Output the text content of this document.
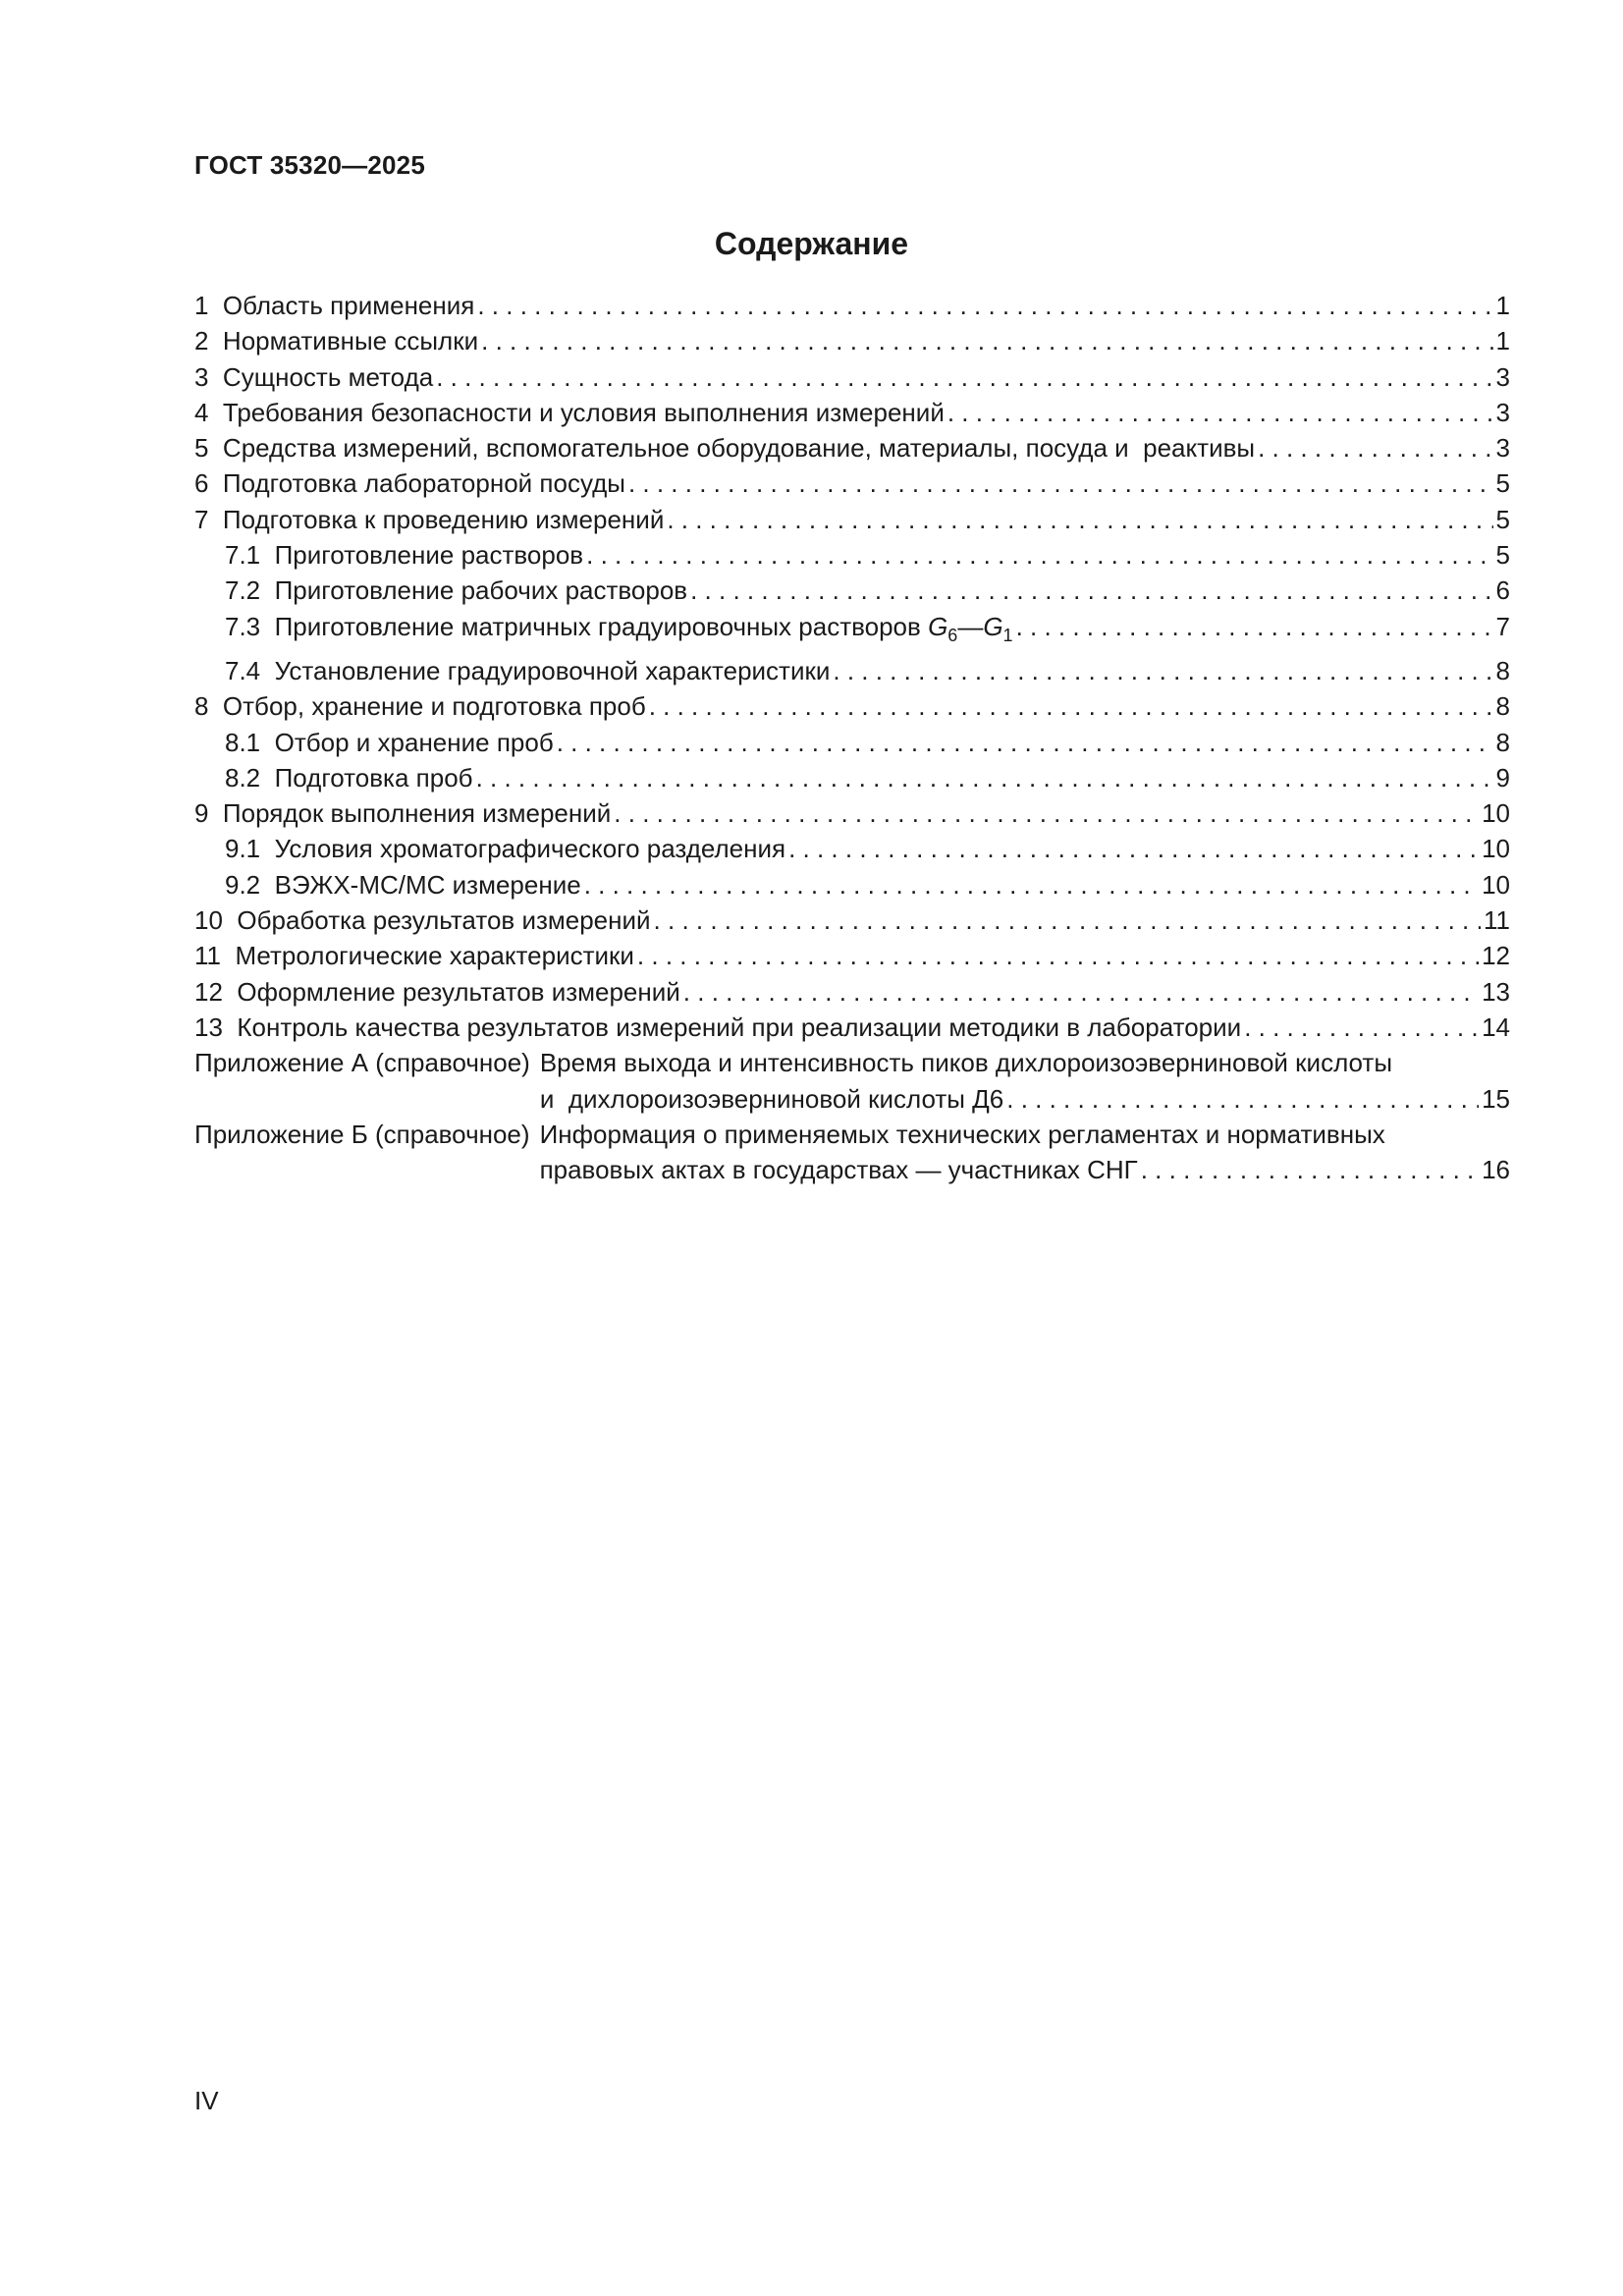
ГОСТ 35320—2025
Содержание
1 Область применения . . .	1
2 Нормативные ссылки . . .	1
3 Сущность метода . . .	3
4 Требования безопасности и условия выполнения измерений . . .	3
5 Средства измерений, вспомогательное оборудование, материалы, посуда и  реактивы . . .	3
6 Подготовка лабораторной посуды . . .	5
7 Подготовка к проведению измерений . . .	5
7.1 Приготовление растворов . . .	5
7.2 Приготовление рабочих растворов . . .	6
7.3 Приготовление матричных градуировочных растворов $G_6—G_1$ . . .	7
7.4 Установление градуировочной характеристики . . .	8
8 Отбор, хранение и подготовка проб . . .	8
8.1 Отбор и хранение проб . . .	8
8.2 Подготовка проб . . .	9
9 Порядок выполнения измерений . . .	10
9.1 Условия хроматографического разделения . . .	10
9.2 ВЭЖХ-МС/МС измерение . . .	10
10 Обработка результатов измерений . . .	11
11 Метрологические характеристики . . .	12
12 Оформление результатов измерений . . .	13
13 Контроль качества результатов измерений при реализации методики в лаборатории . . .	14
Приложение А (справочное) Время выхода и интенсивность пиков дихлороизоэверниновой кислоты
и  дихлороизоэверниновой кислоты Д6 . . .	15
Приложение Б (справочное) Информация о применяемых технических регламентах и нормативных
правовых актах в государствах — участниках СНГ . . .	16
IV
